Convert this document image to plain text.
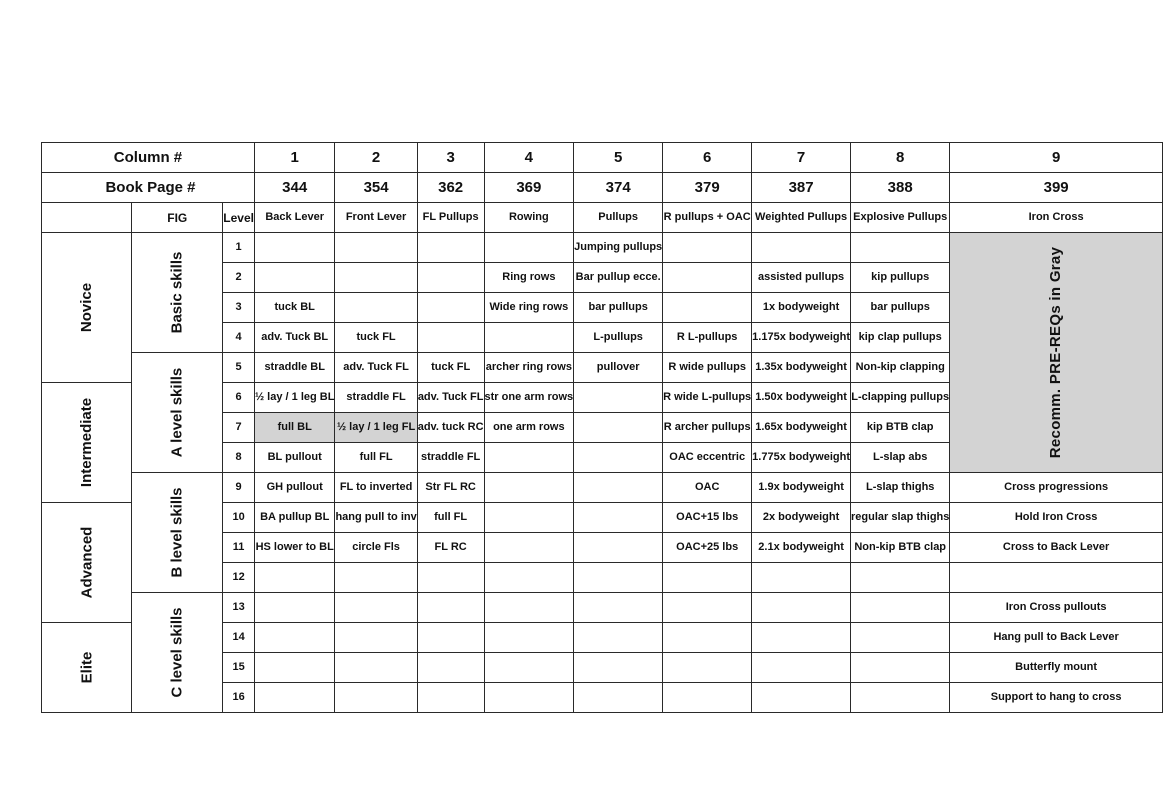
Column #			1	2	3	4	5	6	7	8	9
Book Page #			344	354	362	369	374	379	387	388	399
	FIG	Level	Back Lever	Front Lever	FL Pullups	Rowing	Pullups	R pullups + OAC	Weighted Pullups	Explosive Pullups	Iron Cross
Novice	Basic skills	1					Jumping pullups				Recomm. PRE-REQs in Gray
		2				Ring rows	Bar pullup ecce.		assisted pullups	kip pullups	
		3	tuck BL			Wide ring rows	bar pullups		1x bodyweight	bar pullups	
		4	adv. Tuck BL	tuck FL			L-pullups	R L-pullups	1.175x bodyweight	kip clap pullups	
	A level skills	5	straddle BL	adv. Tuck FL	tuck FL	archer ring rows	pullover	R wide pullups	1.35x bodyweight	Non-kip clapping	
Intermediate		6	½ lay / 1 leg BL	straddle FL	adv. Tuck FL	str one arm rows		R wide L-pullups	1.50x bodyweight	L-clapping pullups	
		7	full BL	½ lay / 1 leg FL	adv. tuck RC	one arm rows		R archer pullups	1.65x bodyweight	kip BTB clap	
		8	BL pullout	full FL	straddle FL			OAC eccentric	1.775x bodyweight	L-slap abs	
	B level skills	9	GH pullout	FL to inverted	Str FL RC			OAC	1.9x bodyweight	L-slap thighs	Cross progressions
Advanced		10	BA pullup BL	hang pull to inv	full FL			OAC+15 lbs	2x bodyweight	regular slap thighs	Hold Iron Cross
		11	HS lower to BL	circle Fls	FL RC			OAC+25 lbs	2.1x bodyweight	Non-kip BTB clap	Cross to Back Lever
		12									
	C level skills	13									Iron Cross pullouts
Elite		14									Hang pull to Back Lever
		15									Butterfly mount
		16									Support to hang to cross
